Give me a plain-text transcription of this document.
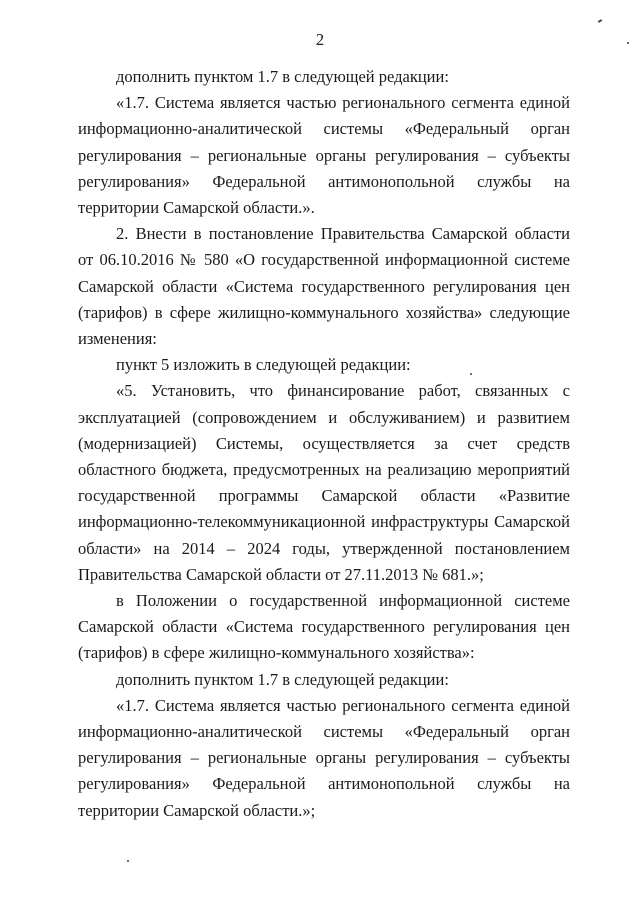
2

дополнить пунктом 1.7 в следующей редакции:

«1.7. Система является частью регионального сегмента единой информационно-аналитической системы «Федеральный орган регулирования – региональные органы регулирования – субъекты регулирования» Федеральной антимонопольной службы на территории Самарской области.».

2. Внести в постановление Правительства Самарской области от 06.10.2016 № 580 «О государственной информационной системе Самарской области «Система государственного регулирования цен (тарифов) в сфере жилищно-коммунального хозяйства» следующие изменения:

пункт 5 изложить в следующей редакции:

«5. Установить, что финансирование работ, связанных с эксплуатацией (сопровождением и обслуживанием) и развитием (модернизацией) Системы, осуществляется за счет средств областного бюджета, предусмотренных на реализацию мероприятий государственной программы Самарской области «Развитие информационно-телекоммуникационной инфраструктуры Самарской области» на 2014 – 2024 годы, утвержденной постановлением Правительства Самарской области от 27.11.2013 № 681.»;

в Положении о государственной информационной системе Самарской области «Система государственного регулирования цен (тарифов) в сфере жилищно-коммунального хозяйства»:

дополнить пунктом 1.7 в следующей редакции:

«1.7. Система является частью регионального сегмента единой информационно-аналитической системы «Федеральный орган регулирования – региональные органы регулирования – субъекты регулирования» Федеральной антимонопольной службы на территории Самарской области.»;
